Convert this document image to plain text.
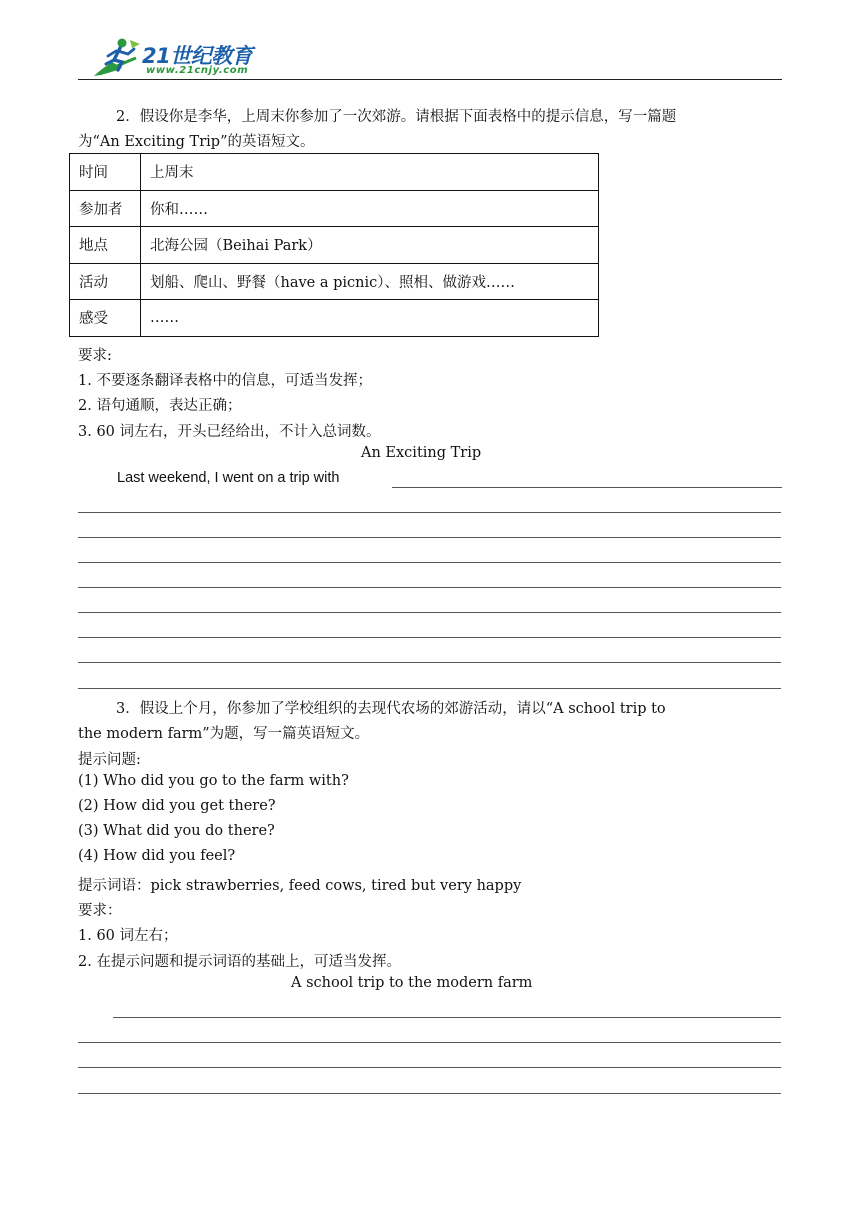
21世纪教育
www.21cnjy.com
2．假设你是李华，上周末你参加了一次郊游。请根据下面表格中的提示信息，写一篇题
为“An Exciting Trip”的英语短文。
时间	上周末
参加者	你和……
地点	北海公园（Beihai Park）
活动	划船、爬山、野餐（have a picnic）、照相、做游戏……
感受	……
要求:
1. 不要逐条翻译表格中的信息，可适当发挥；
2. 语句通顺，表达正确；
3. 60 词左右，开头已经给出，不计入总词数。
An Exciting Trip
Last weekend, I went on a trip with
3．假设上个月，你参加了学校组织的去现代农场的郊游活动，请以“A school trip to
the modern farm”为题，写一篇英语短文。
提示问题:
(1) Who did you go to the farm with?
(2) How did you get there?
(3) What did you do there?
(4) How did you feel?
提示词语：pick strawberries, feed cows, tired but very happy
要求：
1. 60 词左右；
2. 在提示问题和提示词语的基础上，可适当发挥。
A school trip to the modern farm
